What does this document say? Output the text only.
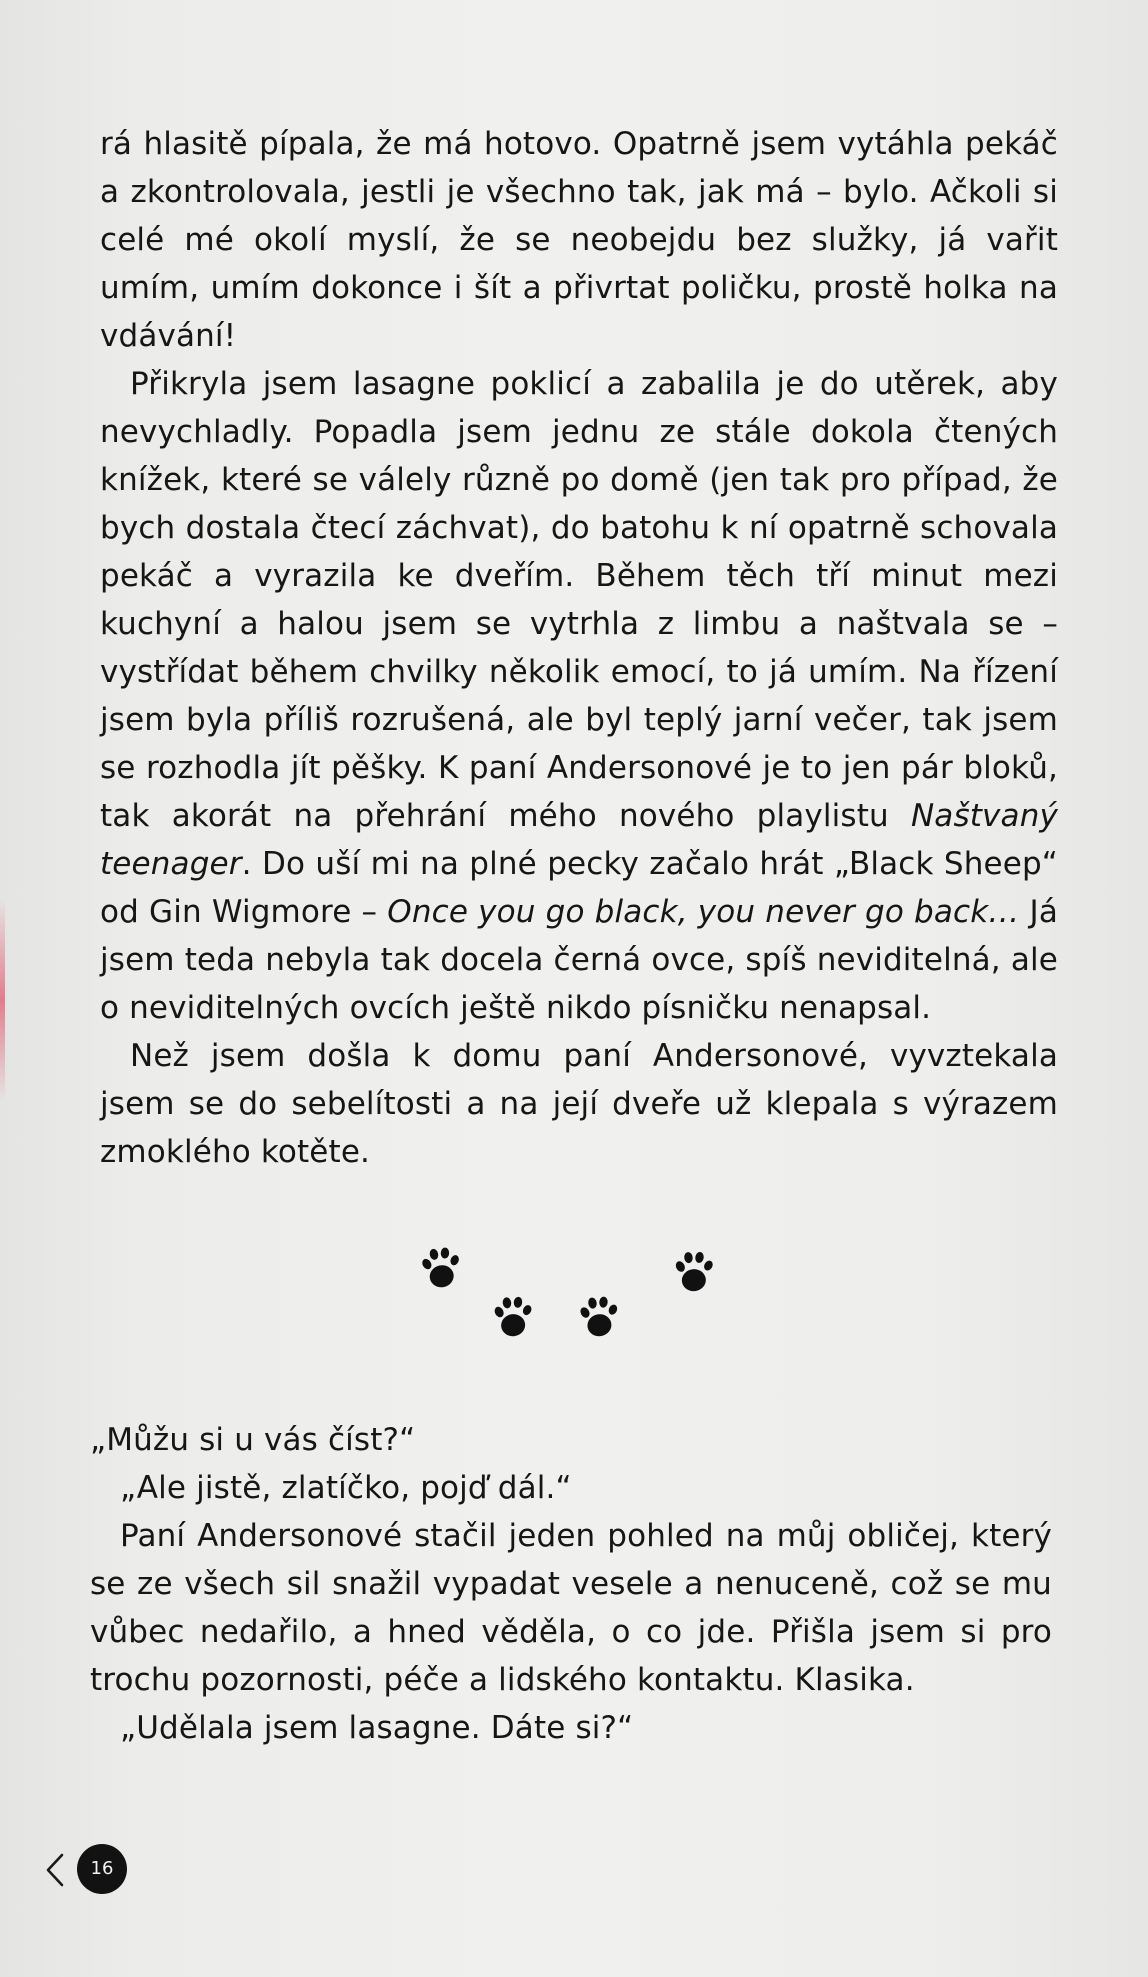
rá hlasitě pípala, že má hotovo. Opatrně jsem vytáhla pekáč a zkontrolovala, jestli je všechno tak, jak má – bylo. Ačkoli si celé mé okolí myslí, že se neobejdu bez služky, já vařit umím, umím dokonce i šít a přivrtat poličku, prostě holka na vdávání!

Přikryla jsem lasagne poklicí a zabalila je do utěrek, aby nevychladly. Popadla jsem jednu ze stále dokola čtených knížek, které se válely různě po domě (jen tak pro případ, že bych dostala čtecí záchvat), do batohu k ní opatrně schovala pekáč a vyrazila ke dveřím. Během těch tří minut mezi kuchyní a halou jsem se vytrhla z limbu a naštvala se – vystřídat během chvilky několik emocí, to já umím. Na řízení jsem byla příliš rozrušená, ale byl teplý jarní večer, tak jsem se rozhodla jít pěšky. K paní Andersonové je to jen pár bloků, tak akorát na přehrání mého nového playlistu Naštvaný teenager. Do uší mi na plné pecky začalo hrát „Black Sheep“ od Gin Wigmore – Once you go black, you never go back… Já jsem teda nebyla tak docela černá ovce, spíš neviditelná, ale o neviditelných ovcích ještě nikdo písničku nenapsal.

Než jsem došla k domu paní Andersonové, vyvztekala jsem se do sebelítosti a na její dveře už klepala s výrazem zmoklého kotěte.

„Můžu si u vás číst?“

„Ale jistě, zlatíčko, pojď dál.“

Paní Andersonové stačil jeden pohled na můj obličej, který se ze všech sil snažil vypadat vesele a nenuceně, což se mu vůbec nedařilo, a hned věděla, o co jde. Přišla jsem si pro trochu pozornosti, péče a lidského kontaktu. Klasika.

„Udělala jsem lasagne. Dáte si?“

16
